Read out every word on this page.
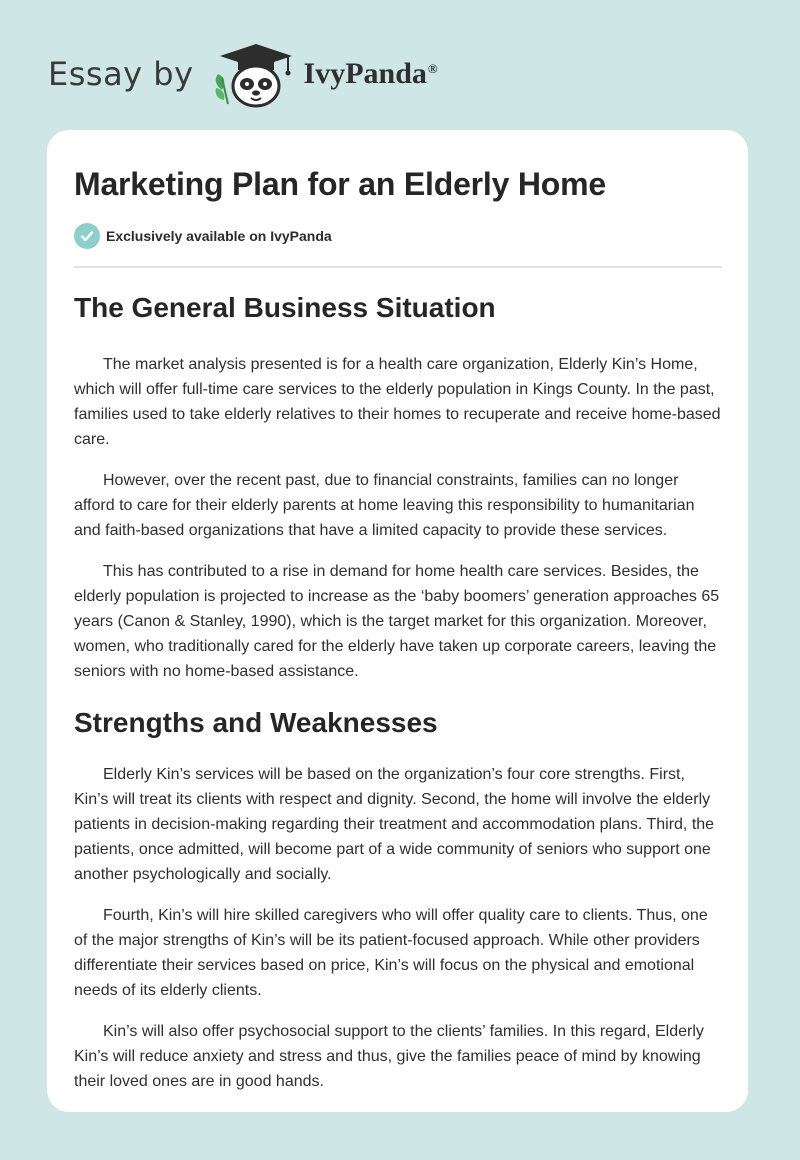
Essay by	IvyPanda®
Marketing Plan for an Elderly Home
Exclusively available on IvyPanda
The General Business Situation

The market analysis presented is for a health care organization, Elderly Kin’s Home, which will offer full-time care services to the elderly population in Kings County. In the past, families used to take elderly relatives to their homes to recuperate and receive home-based care.

However, over the recent past, due to financial constraints, families can no longer afford to care for their elderly parents at home leaving this responsibility to humanitarian and faith-based organizations that have a limited capacity to provide these services.

This has contributed to a rise in demand for home health care services. Besides, the elderly population is projected to increase as the ‘baby boomers’ generation approaches 65 years (Canon & Stanley, 1990), which is the target market for this organization. Moreover, women, who traditionally cared for the elderly have taken up corporate careers, leaving the seniors with no home-based assistance.

Strengths and Weaknesses

Elderly Kin’s services will be based on the organization’s four core strengths. First, Kin’s will treat its clients with respect and dignity. Second, the home will involve the elderly patients in decision-making regarding their treatment and accommodation plans. Third, the patients, once admitted, will become part of a wide community of seniors who support one another psychologically and socially.

Fourth, Kin’s will hire skilled caregivers who will offer quality care to clients. Thus, one of the major strengths of Kin’s will be its patient-focused approach. While other providers differentiate their services based on price, Kin’s will focus on the physical and emotional needs of its elderly clients.

Kin’s will also offer psychosocial support to the clients’ families. In this regard, Elderly Kin’s will reduce anxiety and stress and thus, give the families peace of mind by knowing their loved ones are in good hands.
